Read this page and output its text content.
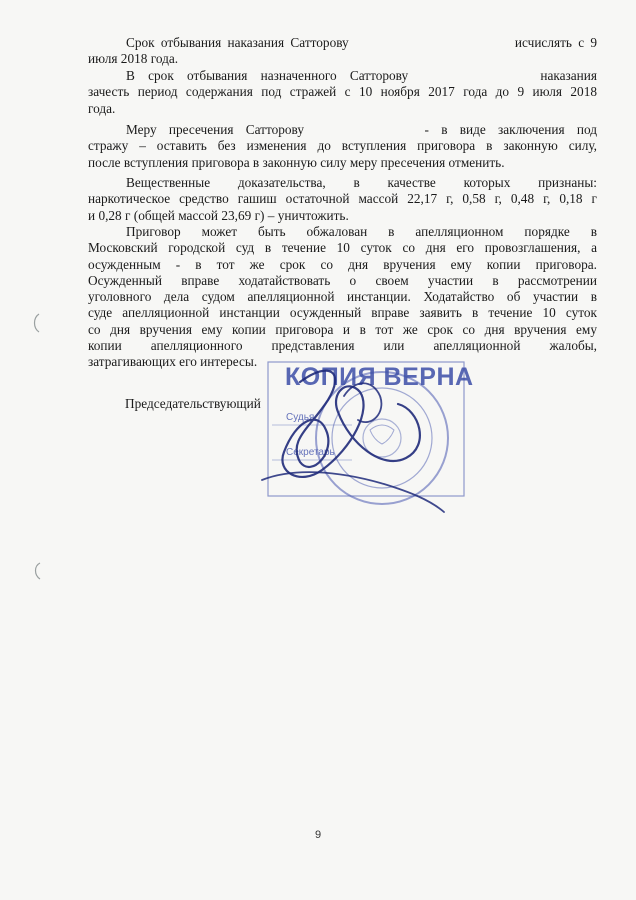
Срок отбывания наказания Сатторову	исчислять с 9
июля 2018 года.

В срок отбывания назначенного Сатторову	наказания
зачесть период содержания под стражей с 10 ноября 2017 года до 9 июля 2018
года.

Меру пресечения Сатторову	- в виде заключения под
стражу – оставить без изменения до вступления приговора в законную силу,
после вступления приговора в законную силу меру пресечения отменить.

Вещественные доказательства, в качестве которых признаны:
наркотическое средство гашиш остаточной массой 22,17 г, 0,58 г, 0,48 г, 0,18 г
и 0,28 г (общей массой 23,69 г) – уничтожить.

Приговор может быть обжалован в апелляционном порядке в
Московский городской суд в течение 10 суток со дня его провозглашения, а
осужденным - в тот же срок со дня вручения ему копии приговора.
Осужденный вправе ходатайствовать о своем участии в рассмотрении
уголовного дела судом апелляционной инстанции. Ходатайство об участии в
суде апелляционной инстанции осужденный вправе заявить в течение 10 суток
со дня вручения ему копии приговора и в тот же срок со дня вручения ему
копии апелляционного представления или апелляционной жалобы,
затрагивающих его интересы.

Председательствующий

КОПИЯ ВЕРНА
Судья
Секретарь
9
